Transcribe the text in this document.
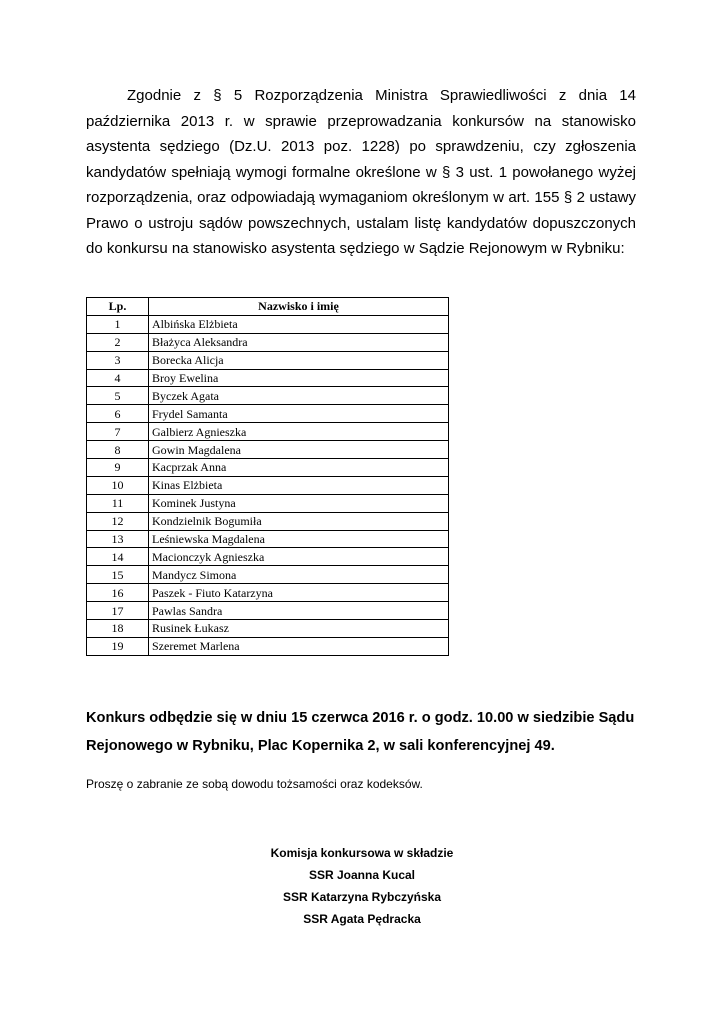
Zgodnie z § 5 Rozporządzenia Ministra Sprawiedliwości z dnia 14 października 2013 r. w sprawie przeprowadzania konkursów na stanowisko asystenta sędziego (Dz.U. 2013 poz. 1228) po sprawdzeniu, czy zgłoszenia kandydatów spełniają wymogi formalne określone w § 3 ust. 1 powołanego wyżej rozporządzenia, oraz odpowiadają wymaganiom określonym w art. 155 § 2 ustawy Prawo o ustroju sądów powszechnych, ustalam listę kandydatów dopuszczonych do konkursu na stanowisko asystenta sędziego w Sądzie Rejonowym w Rybniku:

Lp.	Nazwisko i imię
1	Albińska Elżbieta
2	Błażyca Aleksandra
3	Borecka Alicja
4	Broy Ewelina
5	Byczek Agata
6	Frydel Samanta
7	Galbierz Agnieszka
8	Gowin Magdalena
9	Kacprzak Anna
10	Kinas Elżbieta
11	Kominek Justyna
12	Kondzielnik Bogumiła
13	Leśniewska Magdalena
14	Macionczyk Agnieszka
15	Mandycz Simona
16	Paszek - Fiuto Katarzyna
17	Pawlas Sandra
18	Rusinek Łukasz
19	Szeremet Marlena

Konkurs odbędzie się w dniu 15 czerwca 2016 r. o godz. 10.00 w siedzibie Sądu Rejonowego w Rybniku, Plac Kopernika 2, w sali konferencyjnej 49.

Proszę o zabranie ze sobą dowodu tożsamości oraz kodeksów.

Komisja konkursowa w składzie
SSR Joanna Kucal
SSR Katarzyna Rybczyńska
SSR Agata Pędracka
